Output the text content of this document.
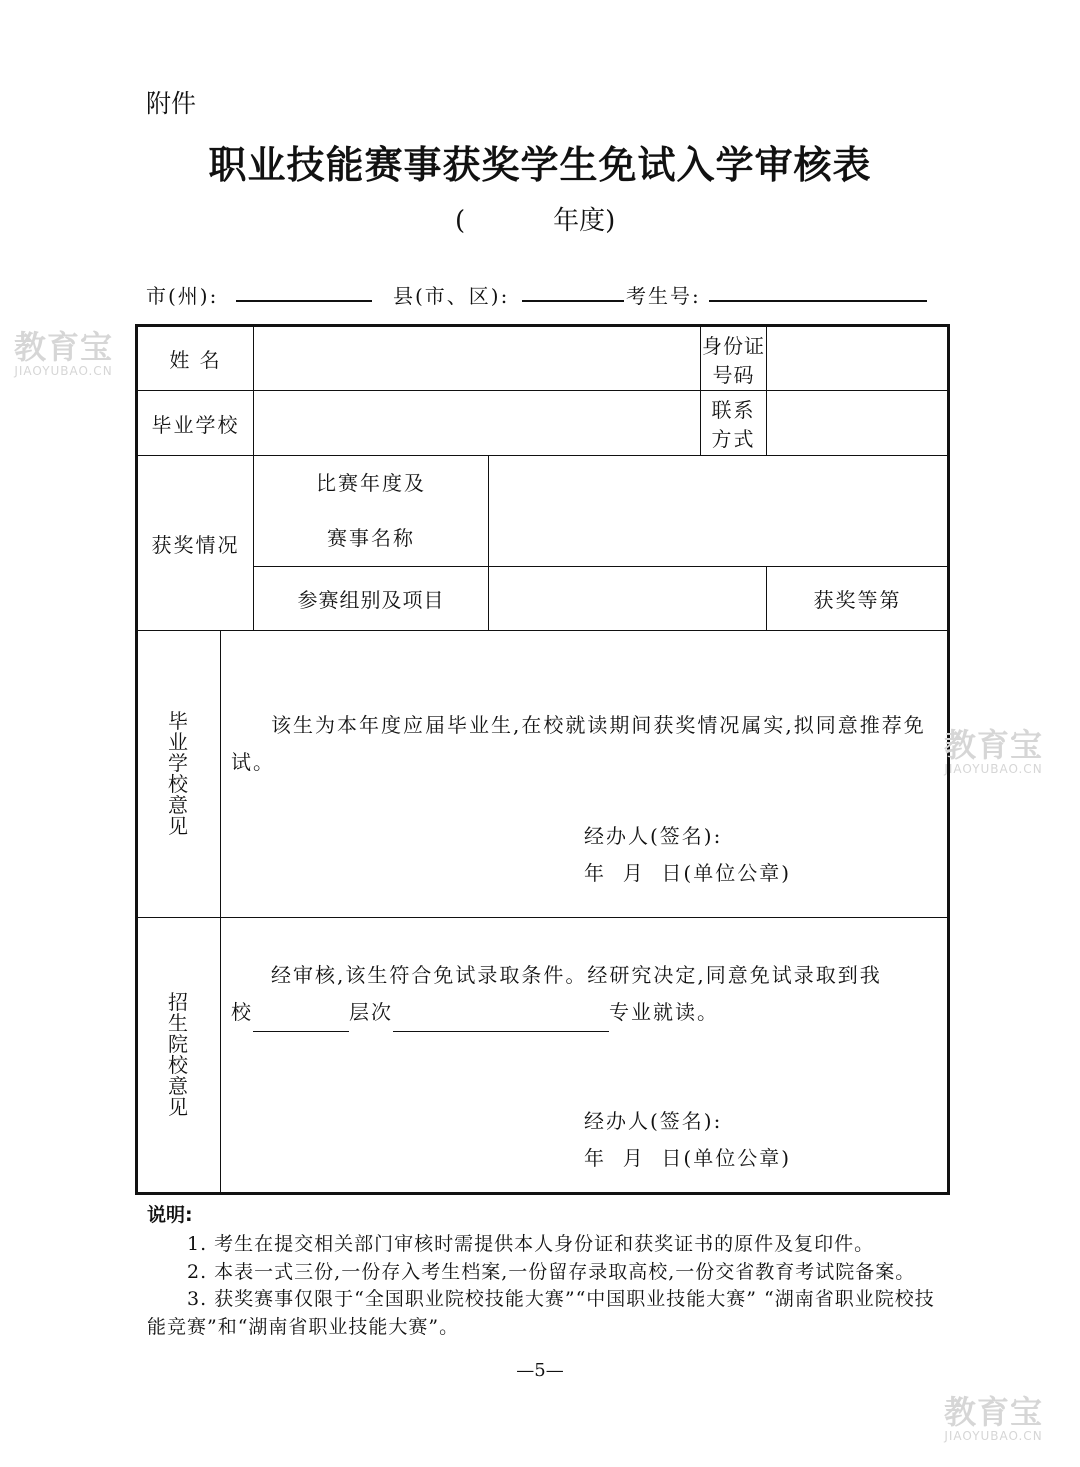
附件
职业技能赛事获奖学生免试入学审核表
(	年度)
市(州):	县(市、区):	考生号:
姓 名				身份证号码		
毕业学校				联系方式		
获奖情况		比赛年度及
赛事名称				

		参赛组别及项目			获奖等第	
毕业学校意见	该生为本年度应届毕业生,在校就读期间获奖情况属实,拟同意推荐免试。
经办人(签名):
年  月  日(单位公章)					

招生院校意见	经审核,该生符合免试录取条件。经研究决定,同意免试录取到我
校 层次 专业就读。
经办人(签名):
年  月  日(单位公章)					
说明:
1. 考生在提交相关部门审核时需提供本人身份证和获奖证书的原件及复印件。
2. 本表一式三份,一份存入考生档案,一份留存录取高校,一份交省教育考试院备案。
3. 获奖赛事仅限于“全国职业院校技能大赛”“中国职业技能大赛” “湖南省职业院校技能竞赛”和“湖南省职业技能大赛”。
—5—
教育宝
JIAOYUBAO.CN
教育宝
JIAOYUBAO.CN
教育宝
JIAOYUBAO.CN
